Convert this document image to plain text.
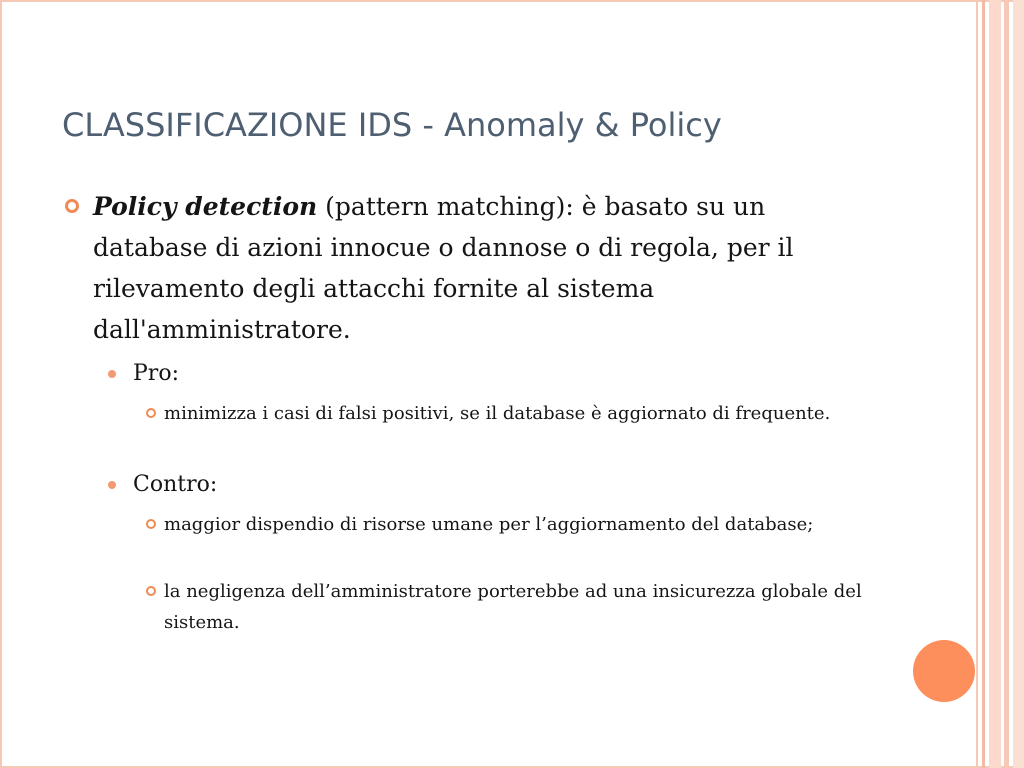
CLASSIFICAZIONE IDS - Anomaly & Policy
Policy detection (pattern matching): è basato su un database di azioni innocue o dannose o di regola, per il rilevamento degli attacchi fornite al sistema dall'amministratore.
Pro:
minimizza i casi di falsi positivi, se il database è aggiornato di frequente.
Contro:
maggior dispendio di risorse umane per l’aggiornamento del database;
la negligenza dell’amministratore porterebbe ad una insicurezza globale del sistema.
